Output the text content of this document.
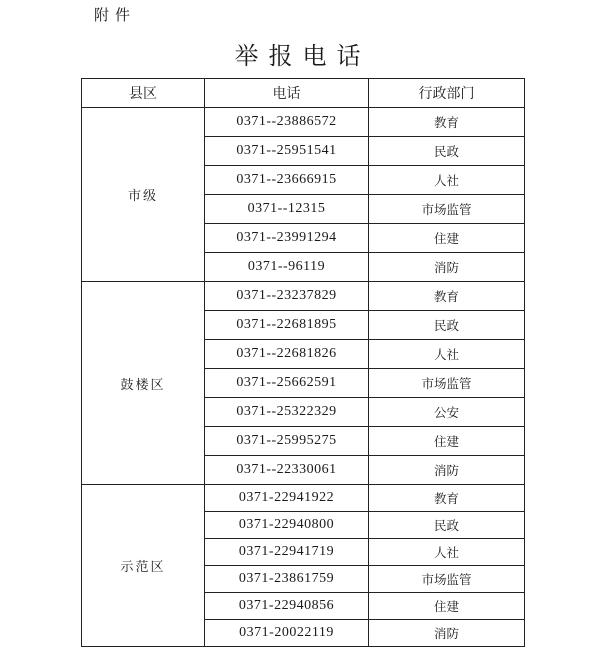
附件
举报电话
县区	电话	行政部门
市级	0371--23886572	教育
	0371--25951541	民政
	0371--23666915	人社
	0371--12315	市场监管
	0371--23991294	住建
	0371--96119	消防
鼓楼区	0371--23237829	教育
	0371--22681895	民政
	0371--22681826	人社
	0371--25662591	市场监管
	0371--25322329	公安
	0371--25995275	住建
	0371--22330061	消防
示范区	0371-22941922	教育
	0371-22940800	民政
	0371-22941719	人社
	0371-23861759	市场监管
	0371-22940856	住建
	0371-20022119	消防
